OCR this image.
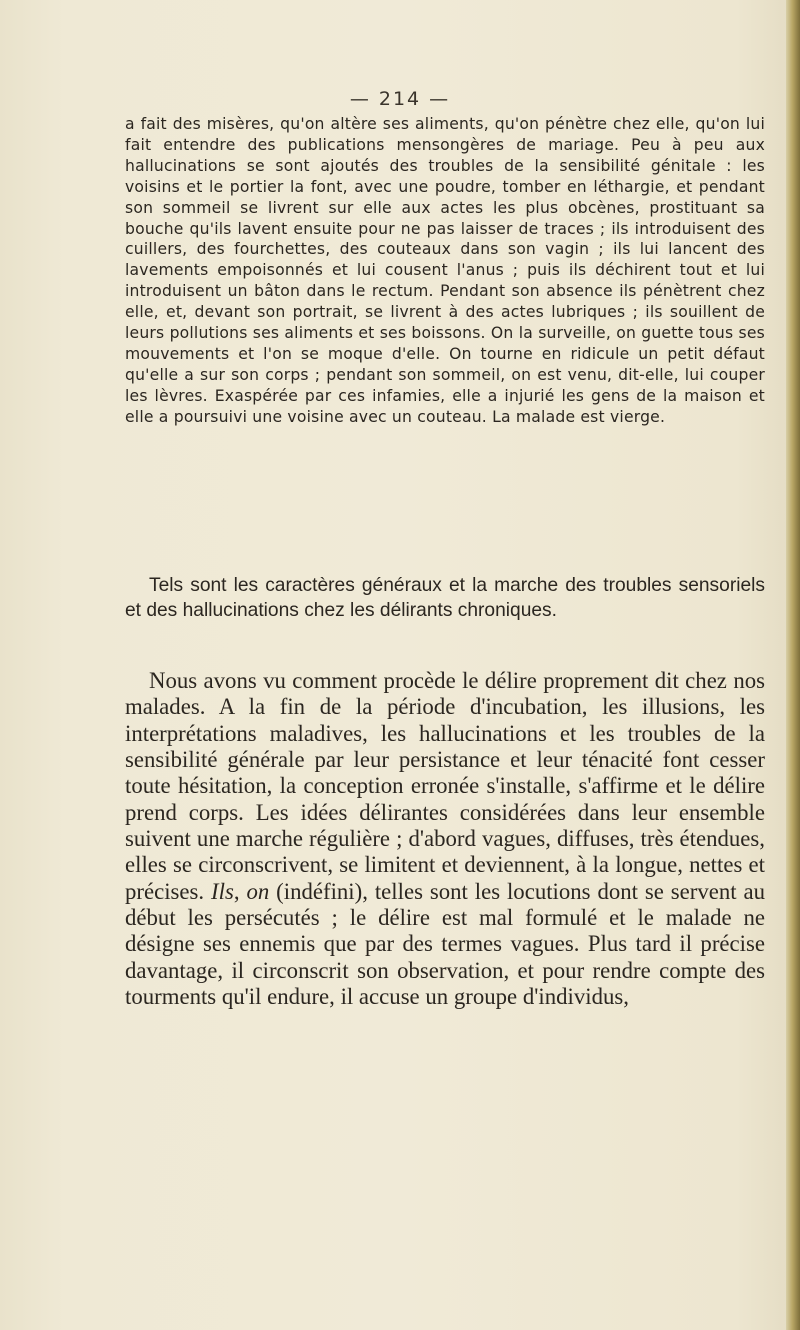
— 214 —

a fait des misères, qu'on altère ses aliments, qu'on pénètre chez elle, qu'on lui fait entendre des publications mensongères de mariage. Peu à peu aux hallucinations se sont ajoutés des troubles de la sensibilité génitale : les voisins et le portier la font, avec une poudre, tomber en léthargie, et pendant son sommeil se livrent sur elle aux actes les plus obcènes, prostituant sa bouche qu'ils lavent ensuite pour ne pas laisser de traces ; ils introduisent des cuillers, des fourchettes, des couteaux dans son vagin ; ils lui lancent des lavements empoisonnés et lui cousent l'anus ; puis ils déchirent tout et lui introduisent un bâton dans le rectum. Pendant son absence ils pénètrent chez elle, et, devant son portrait, se livrent à des actes lubriques ; ils souillent de leurs pollutions ses aliments et ses boissons. On la surveille, on guette tous ses mouvements et l'on se moque d'elle. On tourne en ridicule un petit défaut qu'elle a sur son corps ; pendant son sommeil, on est venu, dit-elle, lui couper les lèvres. Exaspérée par ces infamies, elle a injurié les gens de la maison et elle a poursuivi une voisine avec un couteau. La malade est vierge.

Tels sont les caractères généraux et la marche des troubles sensoriels et des hallucinations chez les délirants chroniques.

Nous avons vu comment procède le délire proprement dit chez nos malades. A la fin de la période d'incubation, les illusions, les interprétations maladives, les hallucinations et les troubles de la sensibilité générale par leur persistance et leur ténacité font cesser toute hésitation, la conception erronée s'installe, s'affirme et le délire prend corps. Les idées délirantes considérées dans leur ensemble suivent une marche régulière ; d'abord vagues, diffuses, très étendues, elles se circonscrivent, se limitent et deviennent, à la longue, nettes et précises. Ils, on (indéfini), telles sont les locutions dont se servent au début les persécutés ; le délire est mal formulé et le malade ne désigne ses ennemis que par des termes vagues. Plus tard il précise davantage, il circonscrit son observation, et pour rendre compte des tourments qu'il endure, il accuse un groupe d'individus,
